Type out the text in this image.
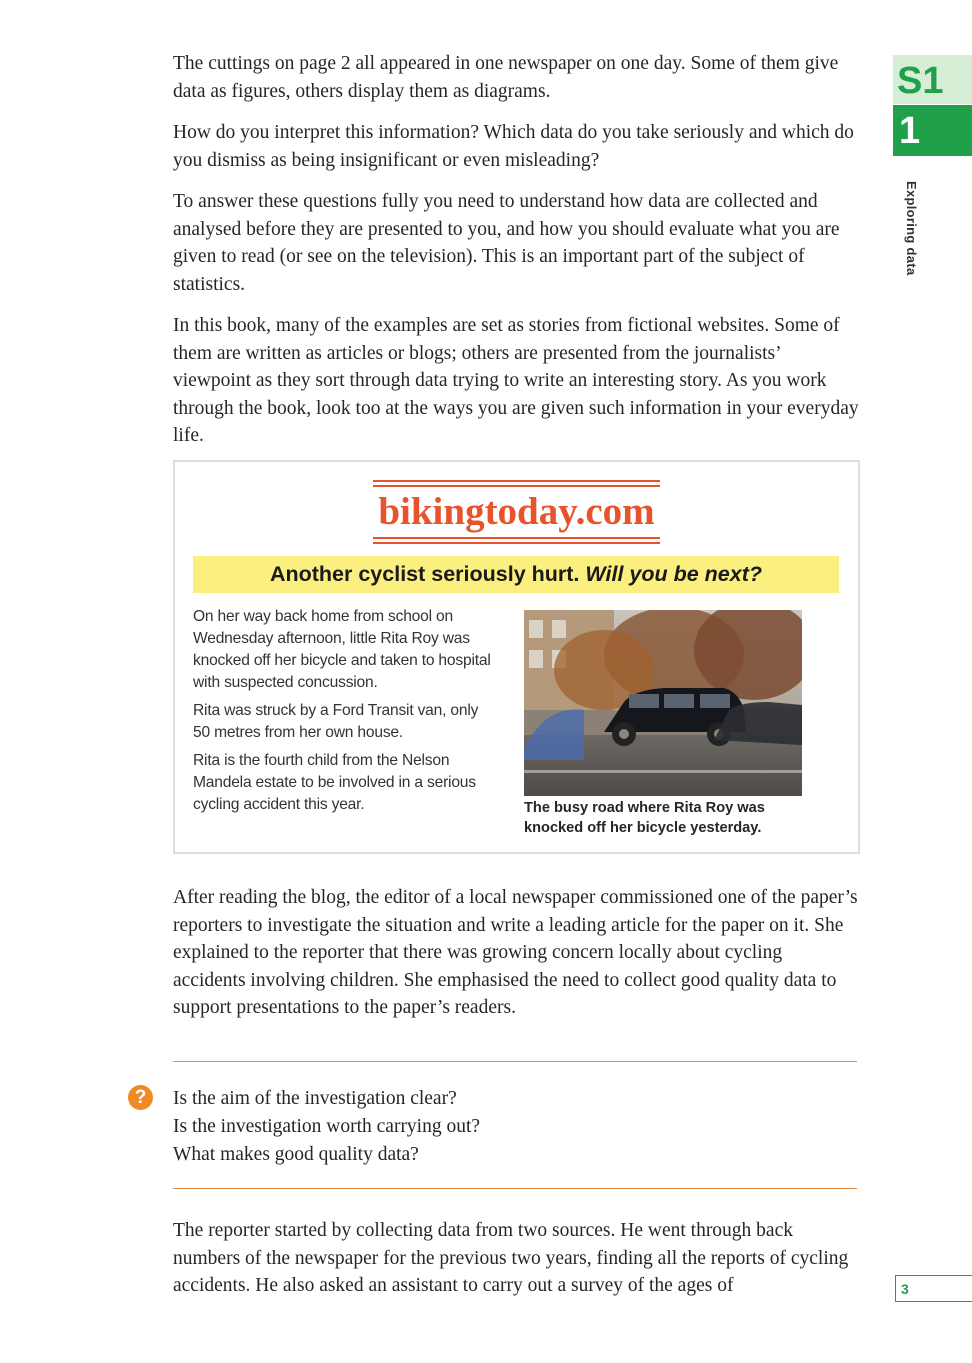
The cuttings on page 2 all appeared in one newspaper on one day. Some of them give data as figures, others display them as diagrams.

How do you interpret this information? Which data do you take seriously and which do you dismiss as being insignificant or even misleading?

To answer these questions fully you need to understand how data are collected and analysed before they are presented to you, and how you should evaluate what you are given to read (or see on the television). This is an important part of the subject of statistics.

In this book, many of the examples are set as stories from fictional websites. Some of them are written as articles or blogs; others are presented from the journalists’ viewpoint as they sort through data trying to write an interesting story. As you work through the book, look too at the ways you are given such information in your everyday life.

S1
1
Exploring data
bikingtoday.com
Another cyclist seriously hurt. Will you be next?

On her way back home from school on Wednesday afternoon, little Rita Roy was knocked off her bicycle and taken to hospital with suspected concussion.

Rita was struck by a Ford Transit van, only 50 metres from her own house.

Rita is the fourth child from the Nelson Mandela estate to be involved in a serious cycling accident this year.	The busy road where Rita Roy was knocked off her bicycle yesterday.

After reading the blog, the editor of a local newspaper commissioned one of the paper’s reporters to investigate the situation and write a leading article for the paper on it. She explained to the reporter that there was growing concern locally about cycling accidents involving children. She emphasised the need to collect good quality data to support presentations to the paper’s readers.

?	Is the aim of the investigation clear?
Is the investigation worth carrying out?
What makes good quality data?

The reporter started by collecting data from two sources. He went through back numbers of the newspaper for the previous two years, finding all the reports of cycling accidents. He also asked an assistant to carry out a survey of the ages of	3
